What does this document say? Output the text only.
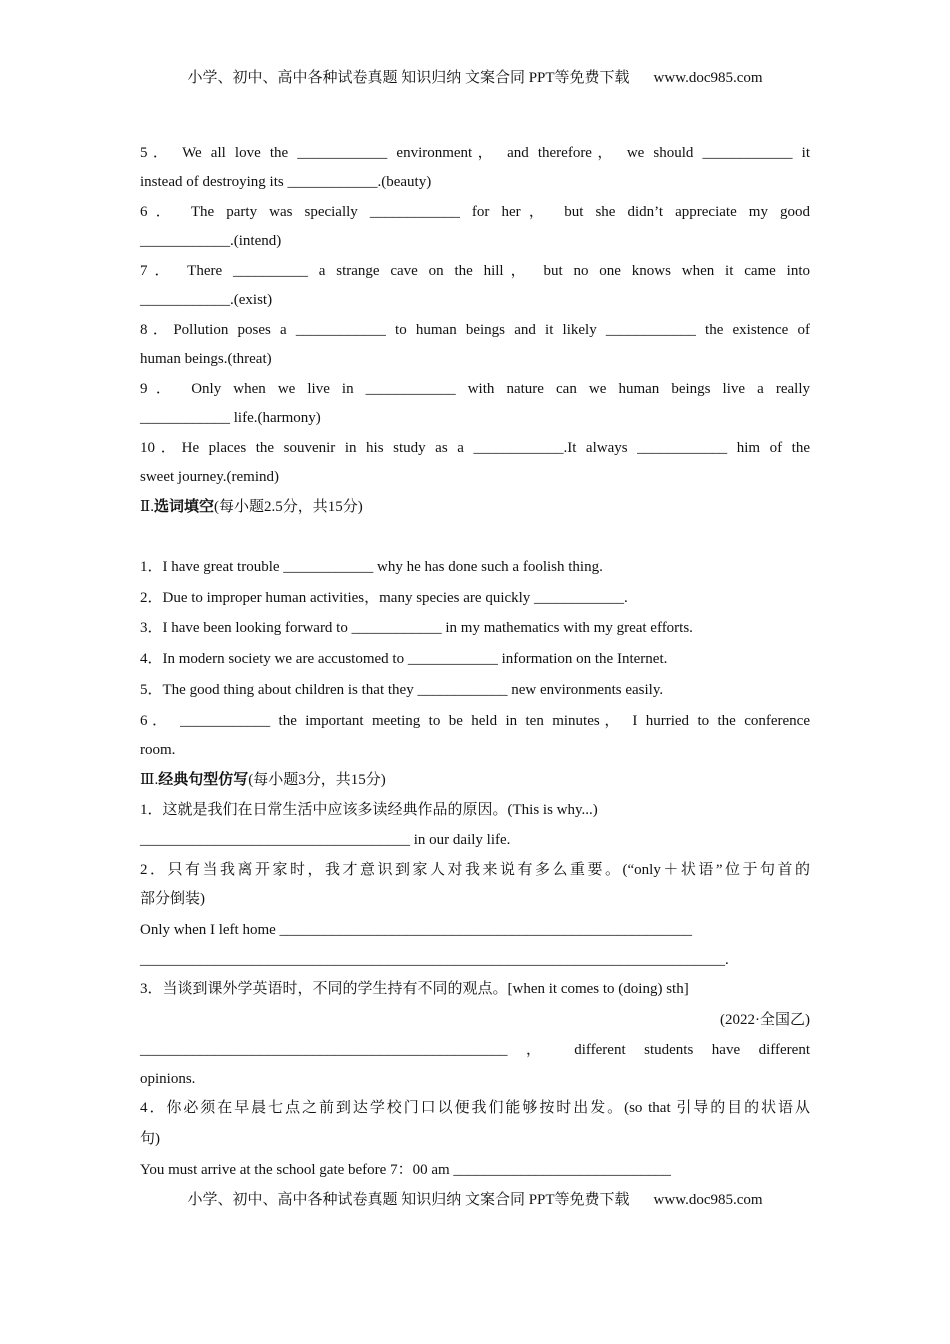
小学、初中、高中各种试卷真题 知识归纳 文案合同 PPT等免费下载 www.doc985.com
5． We all love the ____________ environment， and therefore， we should ____________ it
instead of destroying its ____________.(beauty)
6． The party was specially ____________ for her， but she didn’t appreciate my good
____________.(intend)
7． There __________ a strange cave on the hill， but no one knows when it came into
____________.(exist)
8．Pollution poses a ____________ to human beings and it likely ____________ the existence of
human beings.(threat)
9． Only when we live in ____________ with nature can we human beings live a really
____________ life.(harmony)
10．He places the souvenir in his study as a ____________.It always ____________ him of the
sweet journey.(remind)
Ⅱ.选词填空(每小题2.5分，共15分)
1．I have great trouble ____________ why he has done such a foolish thing.
2．Due to improper human activities，many species are quickly ____________.
3．I have been looking forward to ____________ in my mathematics with my great efforts.
4．In modern society we are accustomed to ____________ information on the Internet.
5．The good thing about children is that they ____________ new environments easily.
6． ____________ the important meeting to be held in ten minutes， I hurried to the conference
room.
Ⅲ.经典句型仿写(每小题3分，共15分)
1．这就是我们在日常生活中应该多读经典作品的原因。(This is why...)
____________________________________ in our daily life.
2．只有当我离开家时，我才意识到家人对我来说有多么重要。(“only＋状语”位于句首的
部分倒装)
Only when I left home _______________________________________________________
______________________________________________________________________________.
3．当谈到课外学英语时，不同的学生持有不同的观点。[when it comes to (doing) sth]
(2022·全国乙)
_________________________________________________ ， different students have different
opinions.
4．你必须在早晨七点之前到达学校门口以便我们能够按时出发。(so that 引导的目的状语从
句)
You must arrive at the school gate before 7：00 am _____________________________
小学、初中、高中各种试卷真题 知识归纳 文案合同 PPT等免费下载 www.doc985.com
